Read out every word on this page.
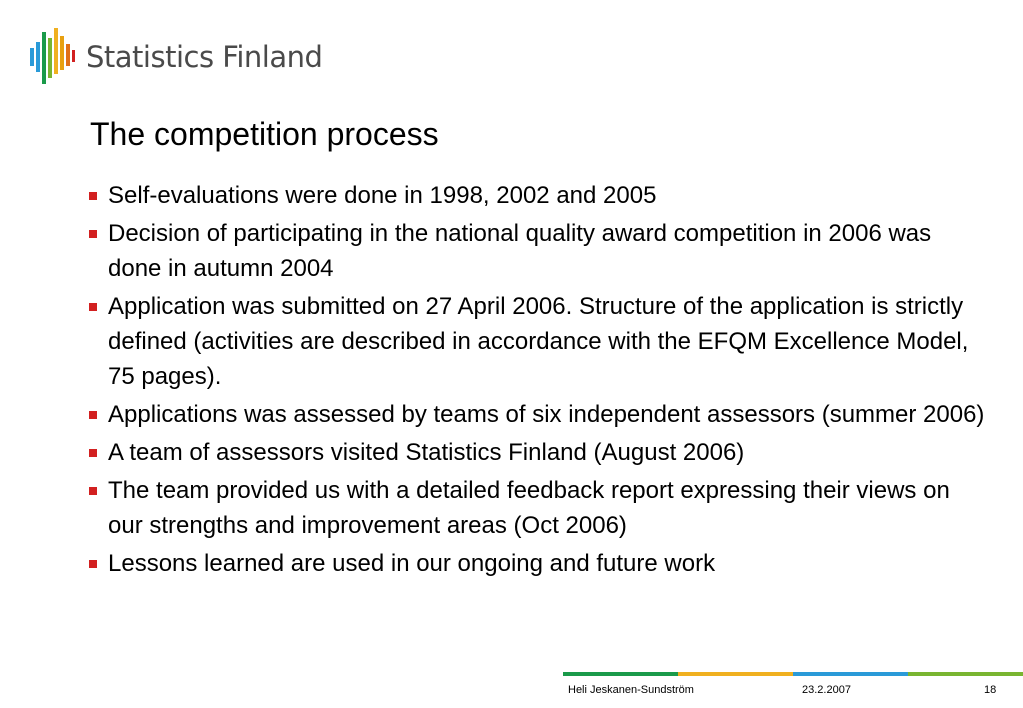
Statistics Finland
The competition process
Self-evaluations were done in 1998, 2002 and 2005
Decision of participating in the national quality award competition in 2006 was done in autumn 2004
Application was submitted on 27 April 2006. Structure of the application is strictly defined (activities are described in accordance with the EFQM Excellence Model, 75 pages).
Applications was assessed by teams of six independent assessors (summer 2006)
A team of assessors visited Statistics Finland (August 2006)
The team provided us with a detailed feedback report expressing their views on our strengths and improvement areas (Oct 2006)
Lessons learned are used in our ongoing and future work
Heli Jeskanen-Sundström	23.2.2007	18
